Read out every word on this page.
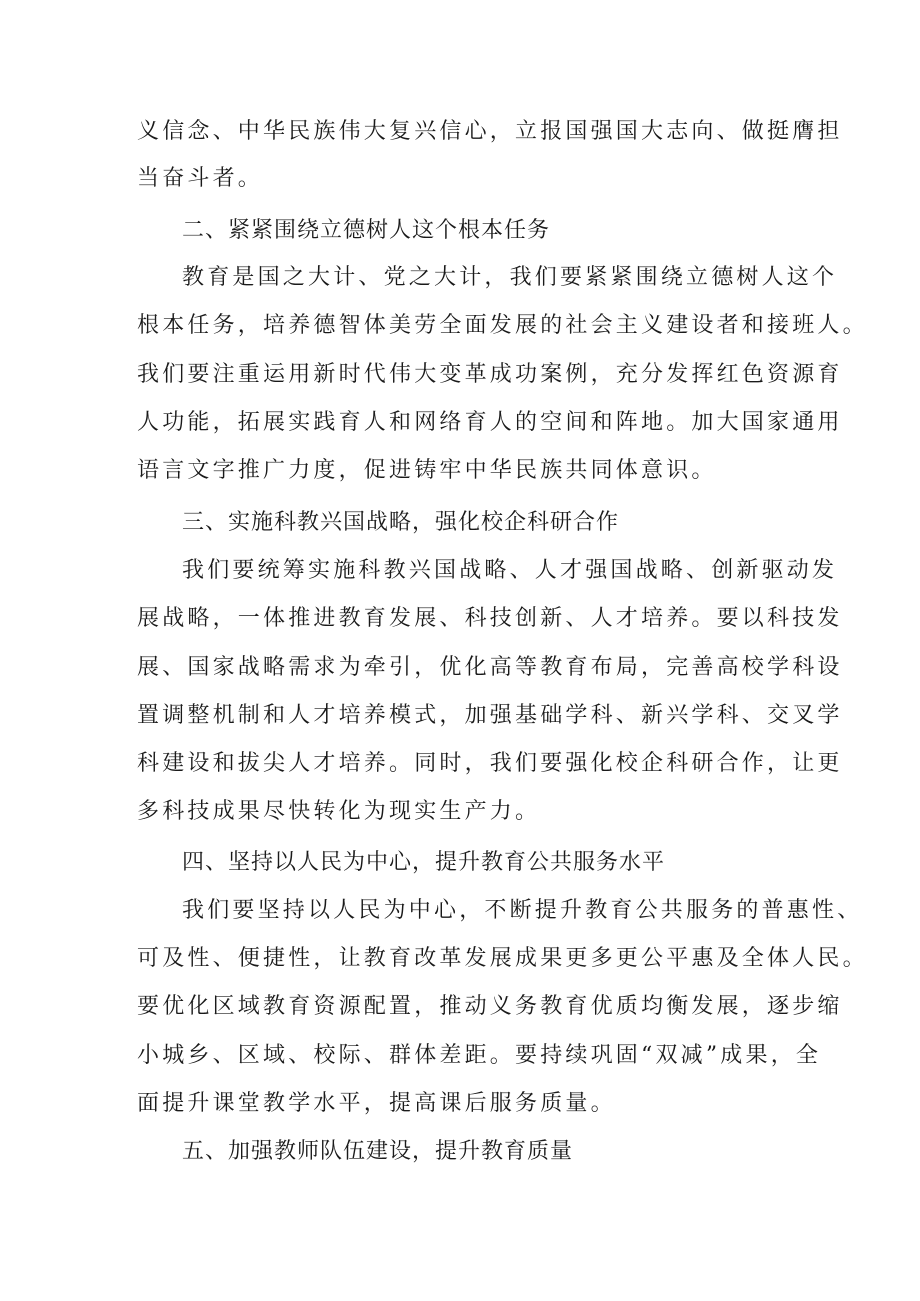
义信念、中华民族伟大复兴信心，立报国强国大志向、做挺膺担
当奋斗者。
二、紧紧围绕立德树人这个根本任务
教育是国之大计、党之大计，我们要紧紧围绕立德树人这个
根本任务，培养德智体美劳全面发展的社会主义建设者和接班人。
我们要注重运用新时代伟大变革成功案例，充分发挥红色资源育
人功能，拓展实践育人和网络育人的空间和阵地。加大国家通用
语言文字推广力度，促进铸牢中华民族共同体意识。
三、实施科教兴国战略，强化校企科研合作
我们要统筹实施科教兴国战略、人才强国战略、创新驱动发
展战略，一体推进教育发展、科技创新、人才培养。要以科技发
展、国家战略需求为牵引，优化高等教育布局，完善高校学科设
置调整机制和人才培养模式，加强基础学科、新兴学科、交叉学
科建设和拔尖人才培养。同时，我们要强化校企科研合作，让更
多科技成果尽快转化为现实生产力。
四、坚持以人民为中心，提升教育公共服务水平
我们要坚持以人民为中心，不断提升教育公共服务的普惠性、
可及性、便捷性，让教育改革发展成果更多更公平惠及全体人民。
要优化区域教育资源配置，推动义务教育优质均衡发展，逐步缩
小城乡、区域、校际、群体差距。要持续巩固“双减”成果，全
面提升课堂教学水平，提高课后服务质量。
五、加强教师队伍建设，提升教育质量
